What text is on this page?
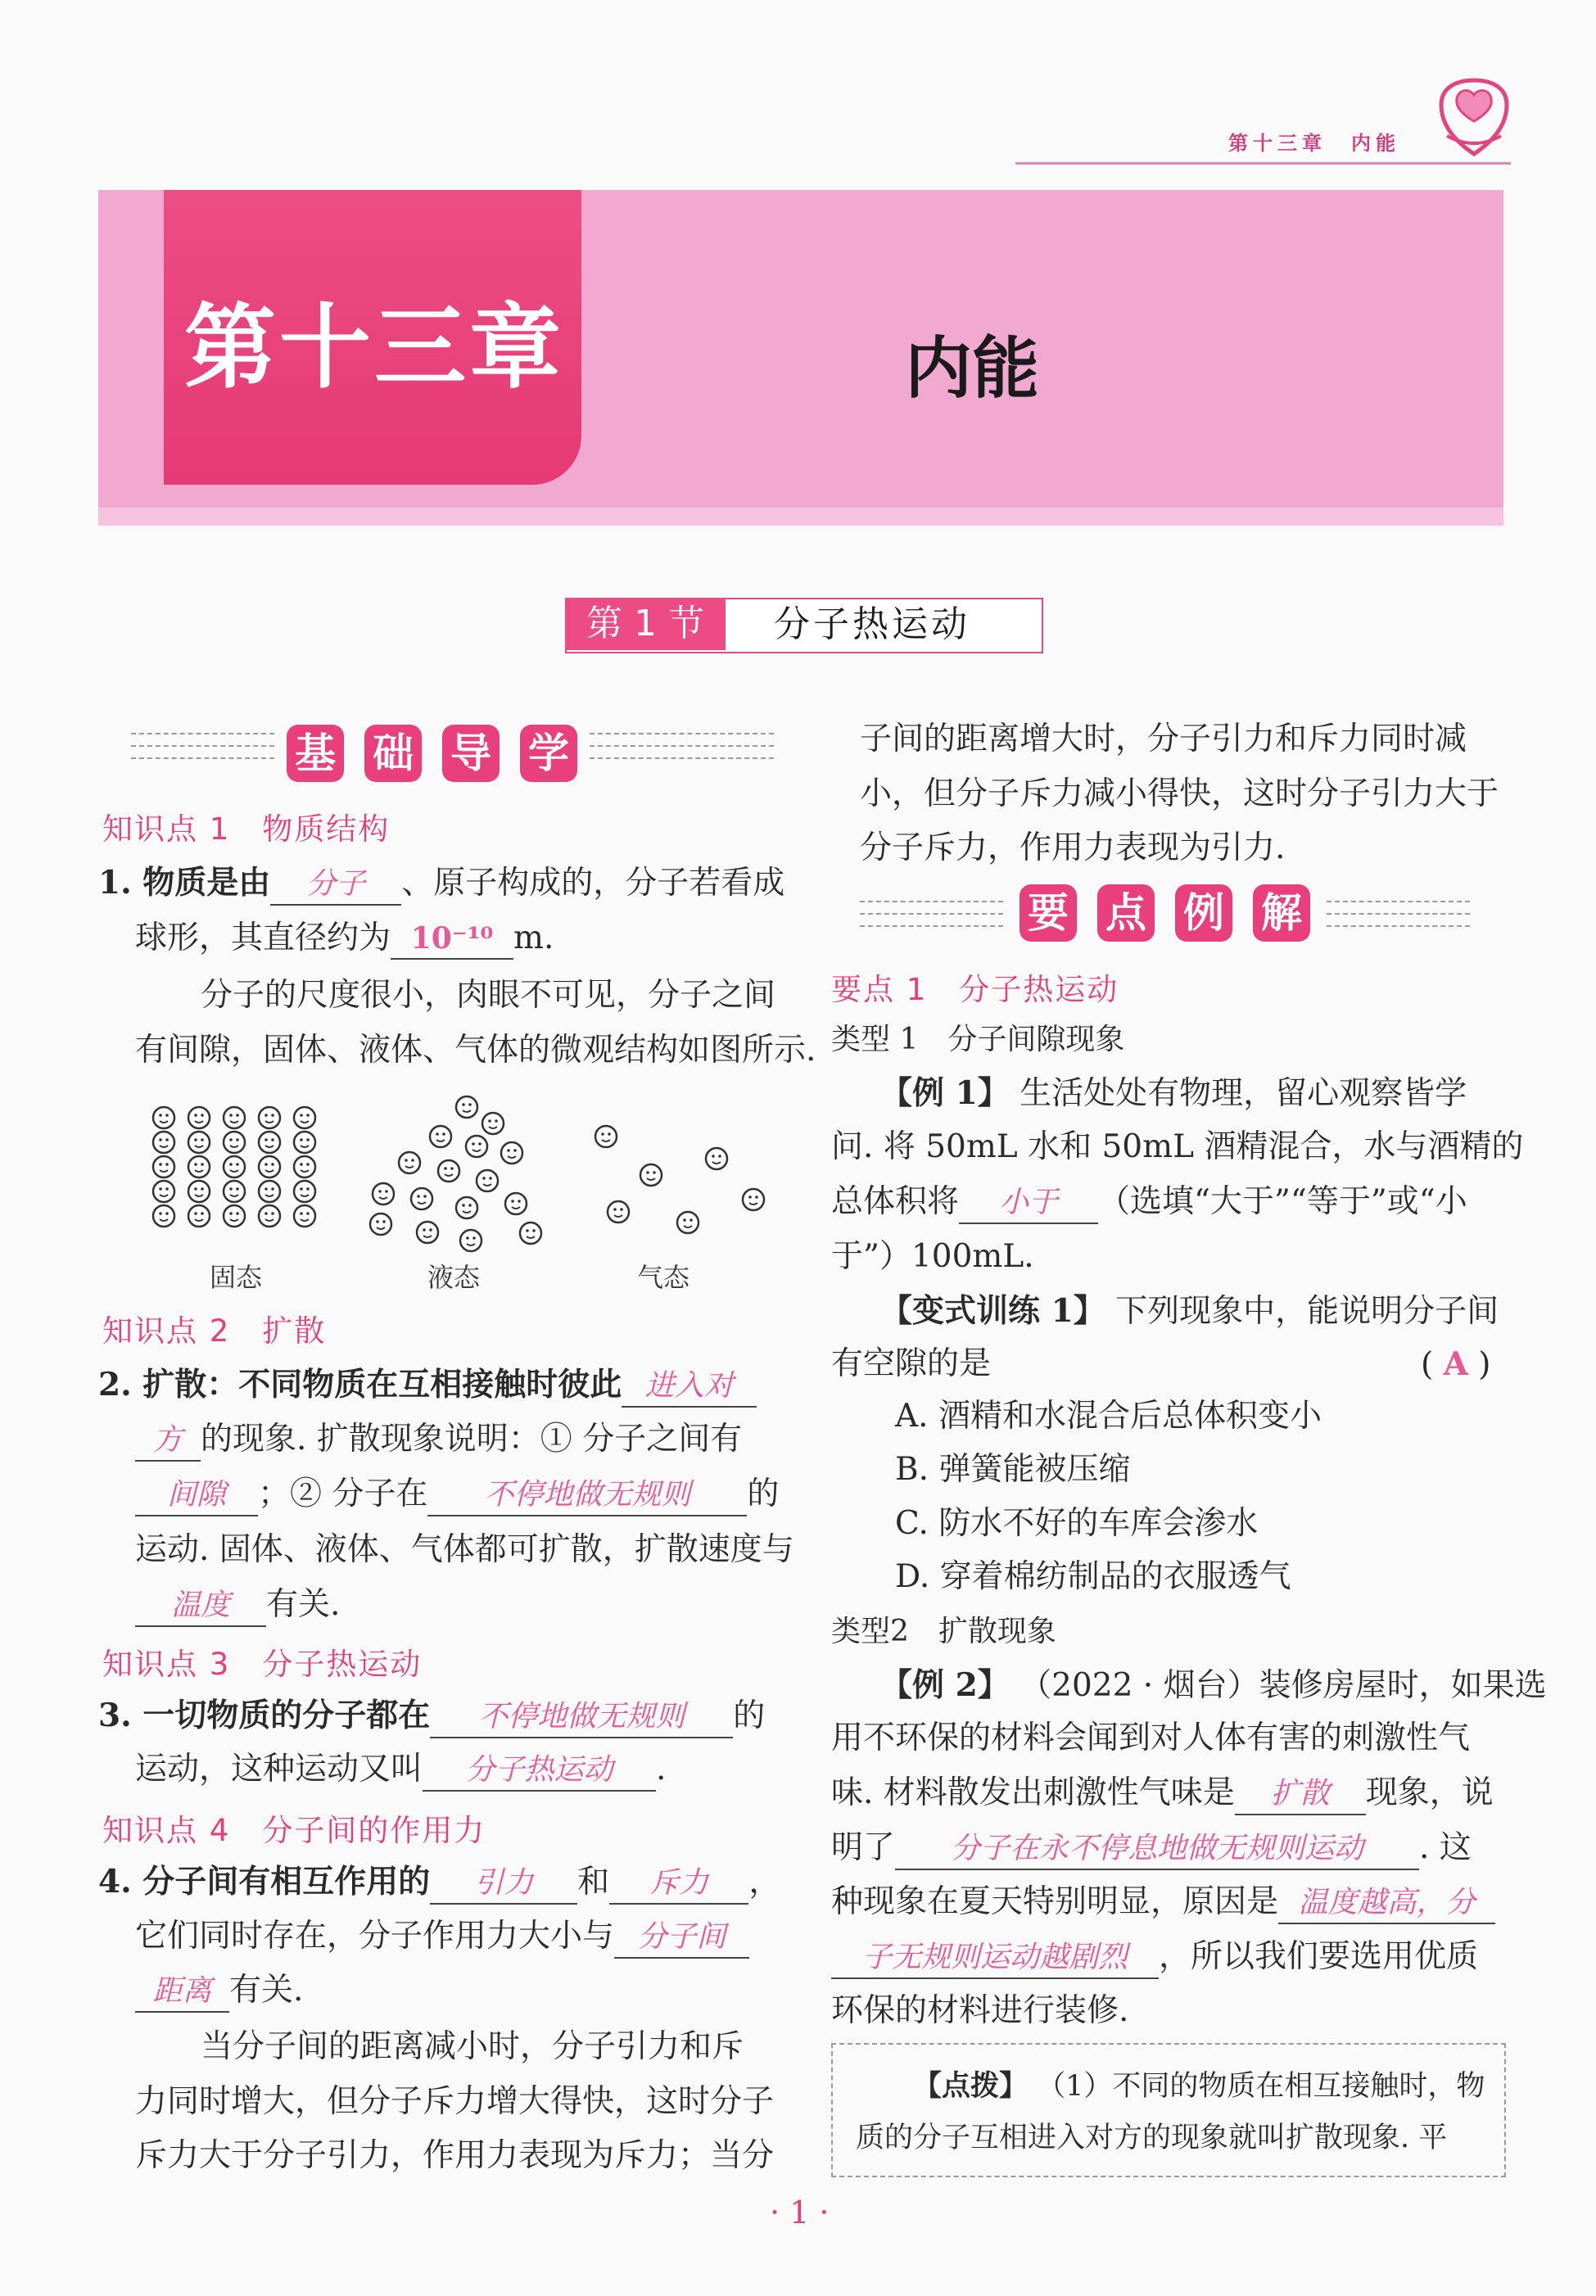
第十三章　内能
第十三章	内能
第 1 节	分子热运动
基 础 导 学
知识点 1　物质结构
1. 物质是由 分子 、原子构成的，分子若看成
球形，其直径约为 10⁻¹⁰ m.
分子的尺度很小，肉眼不可见，分子之间
有间隙，固体、液体、气体的微观结构如图所示.
固态	液态	气态
知识点 2　扩散
2. 扩散：不同物质在互相接触时彼此 进入对
方 的现象. 扩散现象说明：① 分子之间有
间隙 ；② 分子在 不停地做无规则 的
运动. 固体、液体、气体都可扩散，扩散速度与
温度 有关.
知识点 3　分子热运动
3. 一切物质的分子都在 不停地做无规则 的
运动，这种运动又叫 分子热运动 .
知识点 4　分子间的作用力
4. 分子间有相互作用的 引力 和 斥力 ，
它们同时存在，分子作用力大小与 分子间
距离 有关.
当分子间的距离减小时，分子引力和斥
力同时增大，但分子斥力增大得快，这时分子
斥力大于分子引力，作用力表现为斥力；当分
子间的距离增大时，分子引力和斥力同时减
小，但分子斥力减小得快，这时分子引力大于
分子斥力，作用力表现为引力.
要 点 例 解
要点 1　分子热运动
类型 1　分子间隙现象
【例 1】 生活处处有物理，留心观察皆学
问. 将 50mL 水和 50mL 酒精混合，水与酒精的
总体积将 小于 （选填“大于”“等于”或“小
于”）100mL.
【变式训练 1】 下列现象中，能说明分子间
有空隙的是	( A )
A. 酒精和水混合后总体积变小
B. 弹簧能被压缩
C. 防水不好的车库会渗水
D. 穿着棉纺制品的衣服透气
类型2　扩散现象
【例 2】 （2022 · 烟台）装修房屋时，如果选
用不环保的材料会闻到对人体有害的刺激性气
味. 材料散发出刺激性气味是 扩散 现象，说
明了 分子在永不停息地做无规则运动 . 这
种现象在夏天特别明显，原因是 温度越高，分
子无规则运动越剧烈 ，所以我们要选用优质
环保的材料进行装修.
【点拨】 （1）不同的物质在相互接触时，物
质的分子互相进入对方的现象就叫扩散现象. 平
· 1 ·
